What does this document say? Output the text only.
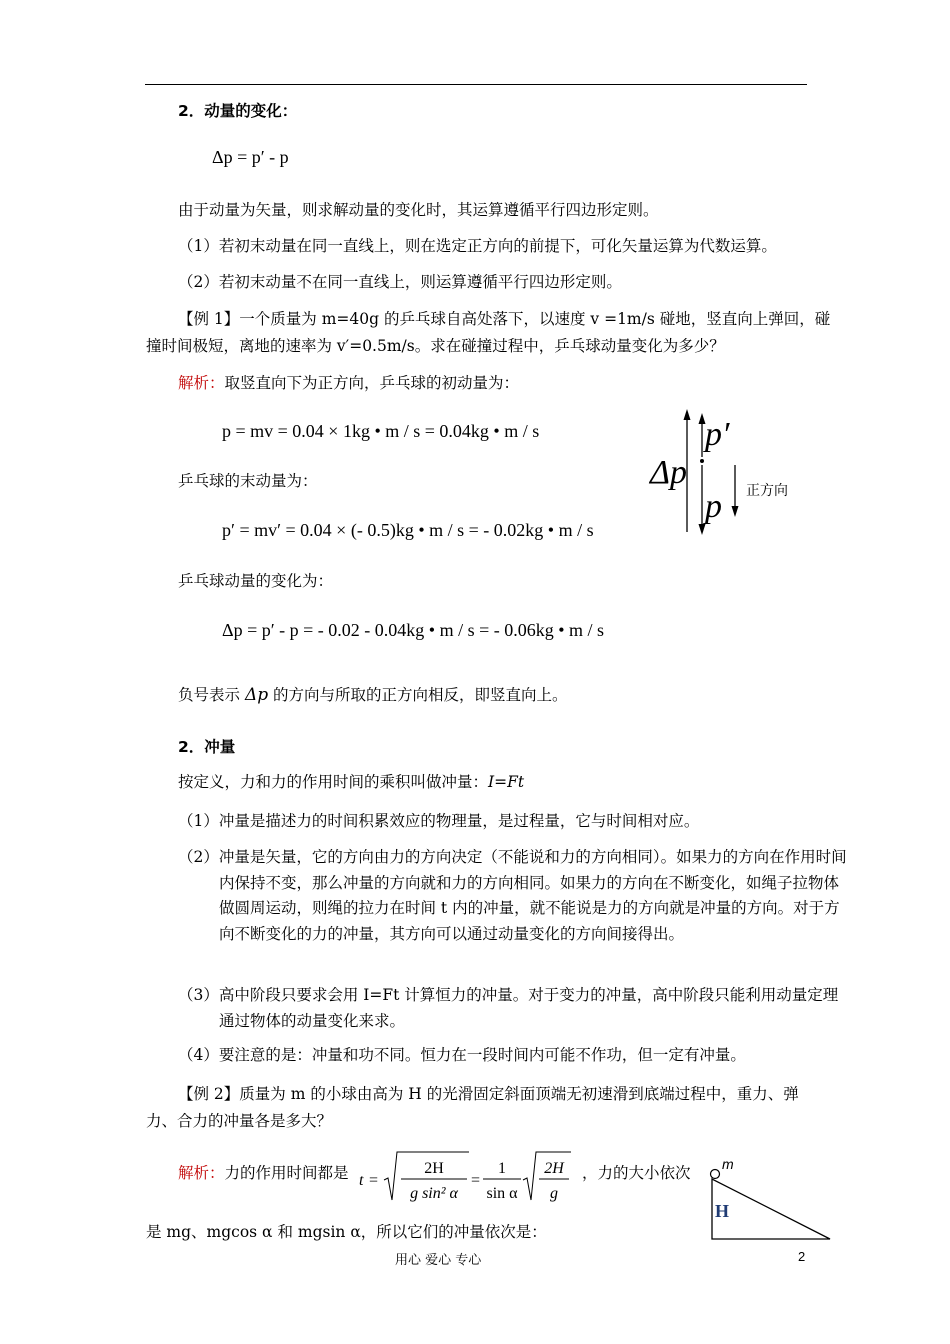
2．动量的变化：
Δp = p′ - p
由于动量为矢量，则求解动量的变化时，其运算遵循平行四边形定则。
（1）若初末动量在同一直线上，则在选定正方向的前提下，可化矢量运算为代数运算。
（2）若初末动量不在同一直线上，则运算遵循平行四边形定则。
【例 1】一个质量为 m=40g 的乒乓球自高处落下，以速度 v =1m/s 碰地，竖直向上弹回，碰
撞时间极短，离地的速率为 v′=0.5m/s。求在碰撞过程中，乒乓球动量变化为多少？
解析：取竖直向下为正方向，乒乓球的初动量为：
p = mv = 0.04 × 1kg • m / s = 0.04kg • m / s
乒乓球的末动量为：
p′ = mv′ = 0.04 × (- 0.5)kg • m / s = - 0.02kg • m / s
乒乓球动量的变化为：
Δp = p′ - p = - 0.02 - 0.04kg • m / s = - 0.06kg • m / s
负号表示 Δp 的方向与所取的正方向相反，即竖直向上。
Δp
p′
p 正方向
2．冲量
按定义，力和力的作用时间的乘积叫做冲量：I=Ft
（1）冲量是描述力的时间积累效应的物理量，是过程量，它与时间相对应。
（2）冲量是矢量，它的方向由力的方向决定（不能说和力的方向相同）。如果力的方向在作用时间内保持不变，那么冲量的方向就和力的方向相同。如果力的方向在不断变化，如绳子拉物体做圆周运动，则绳的拉力在时间 t 内的冲量，就不能说是力的方向就是冲量的方向。对于方向不断变化的力的冲量，其方向可以通过动量变化的方向间接得出。
（3）高中阶段只要求会用 I=Ft 计算恒力的冲量。对于变力的冲量，高中阶段只能利用动量定理通过物体的动量变化来求。
（4）要注意的是：冲量和功不同。恒力在一段时间内可能不作功，但一定有冲量。
【例 2】质量为 m 的小球由高为 H 的光滑固定斜面顶端无初速滑到底端过程中，重力、弹
力、合力的冲量各是多大？
解析：力的作用时间都是 t =
2H
g sin² α
=
1
sin α
2H
g
，力的大小依次
是 mg、mgcos α 和 mgsin α，所以它们的冲量依次是：
m
H
用心 爱心 专心	2
